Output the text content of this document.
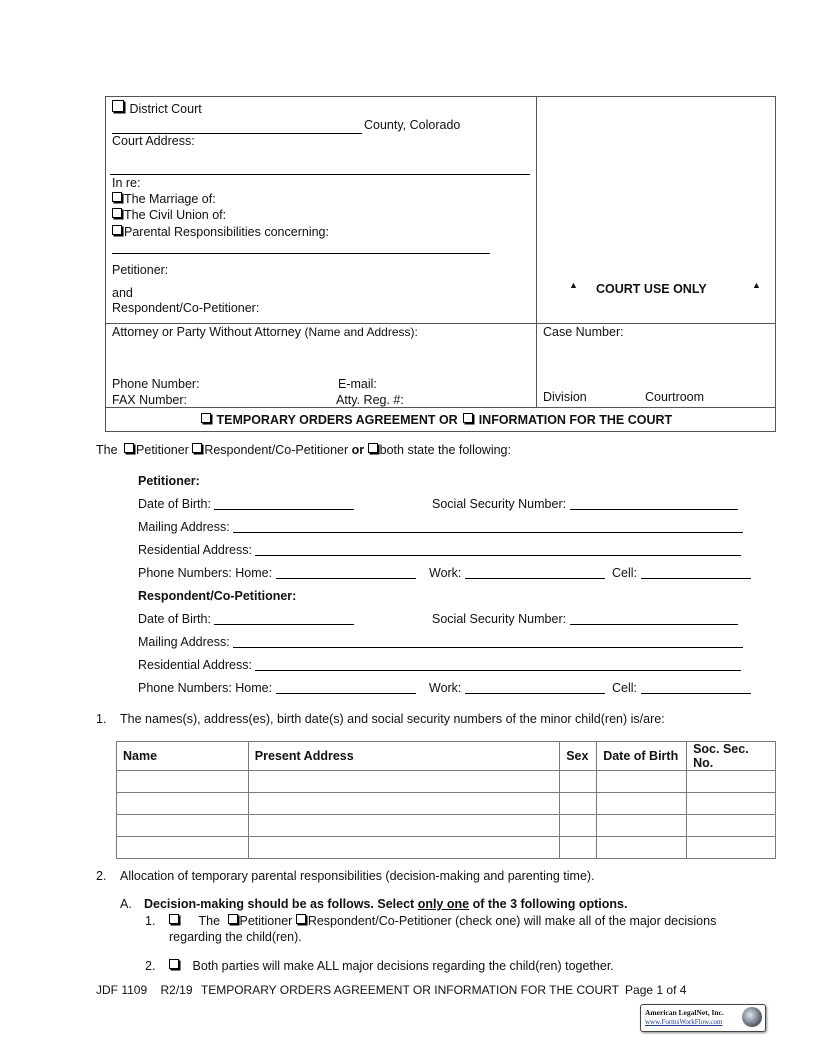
District Court
County, Colorado
Court Address:
In re:
The Marriage of:
The Civil Union of:
Parental Responsibilities concerning:
Petitioner:
and
Respondent/Co-Petitioner:
▲ COURT USE ONLY	▲
Attorney or Party Without Attorney (Name and Address):
Phone Number:	E-mail:
FAX Number:	Atty. Reg. #:
Case Number:
Division	Courtroom
TEMPORARY ORDERS AGREEMENT OR INFORMATION FOR THE COURT
The Petitioner Respondent/Co-Petitioner or both state the following:
Petitioner:
Date of Birth:	Social Security Number:
Mailing Address:
Residential Address:
Phone Numbers: Home:	Work:	Cell:
Respondent/Co-Petitioner:
Date of Birth:	Social Security Number:
Mailing Address:
Residential Address:
Phone Numbers: Home:	Work:	Cell:
1. The names(s), address(es), birth date(s) and social security numbers of the minor child(ren) is/are:
Name	Present Address	Sex	Date of Birth	Soc. Sec. No.

2. Allocation of temporary parental responsibilities (decision-making and parenting time).
A. Decision-making should be as follows. Select only one of the 3 following options.
1.	The Petitioner Respondent/Co-Petitioner (check one) will make all of the major decisions
regarding the child(ren).
2.	Both parties will make ALL major decisions regarding the child(ren) together.
JDF 1109 R2/19 TEMPORARY ORDERS AGREEMENT OR INFORMATION FOR THE COURT Page 1 of 4
American LegalNet, Inc.
www.FormsWorkFlow.com
